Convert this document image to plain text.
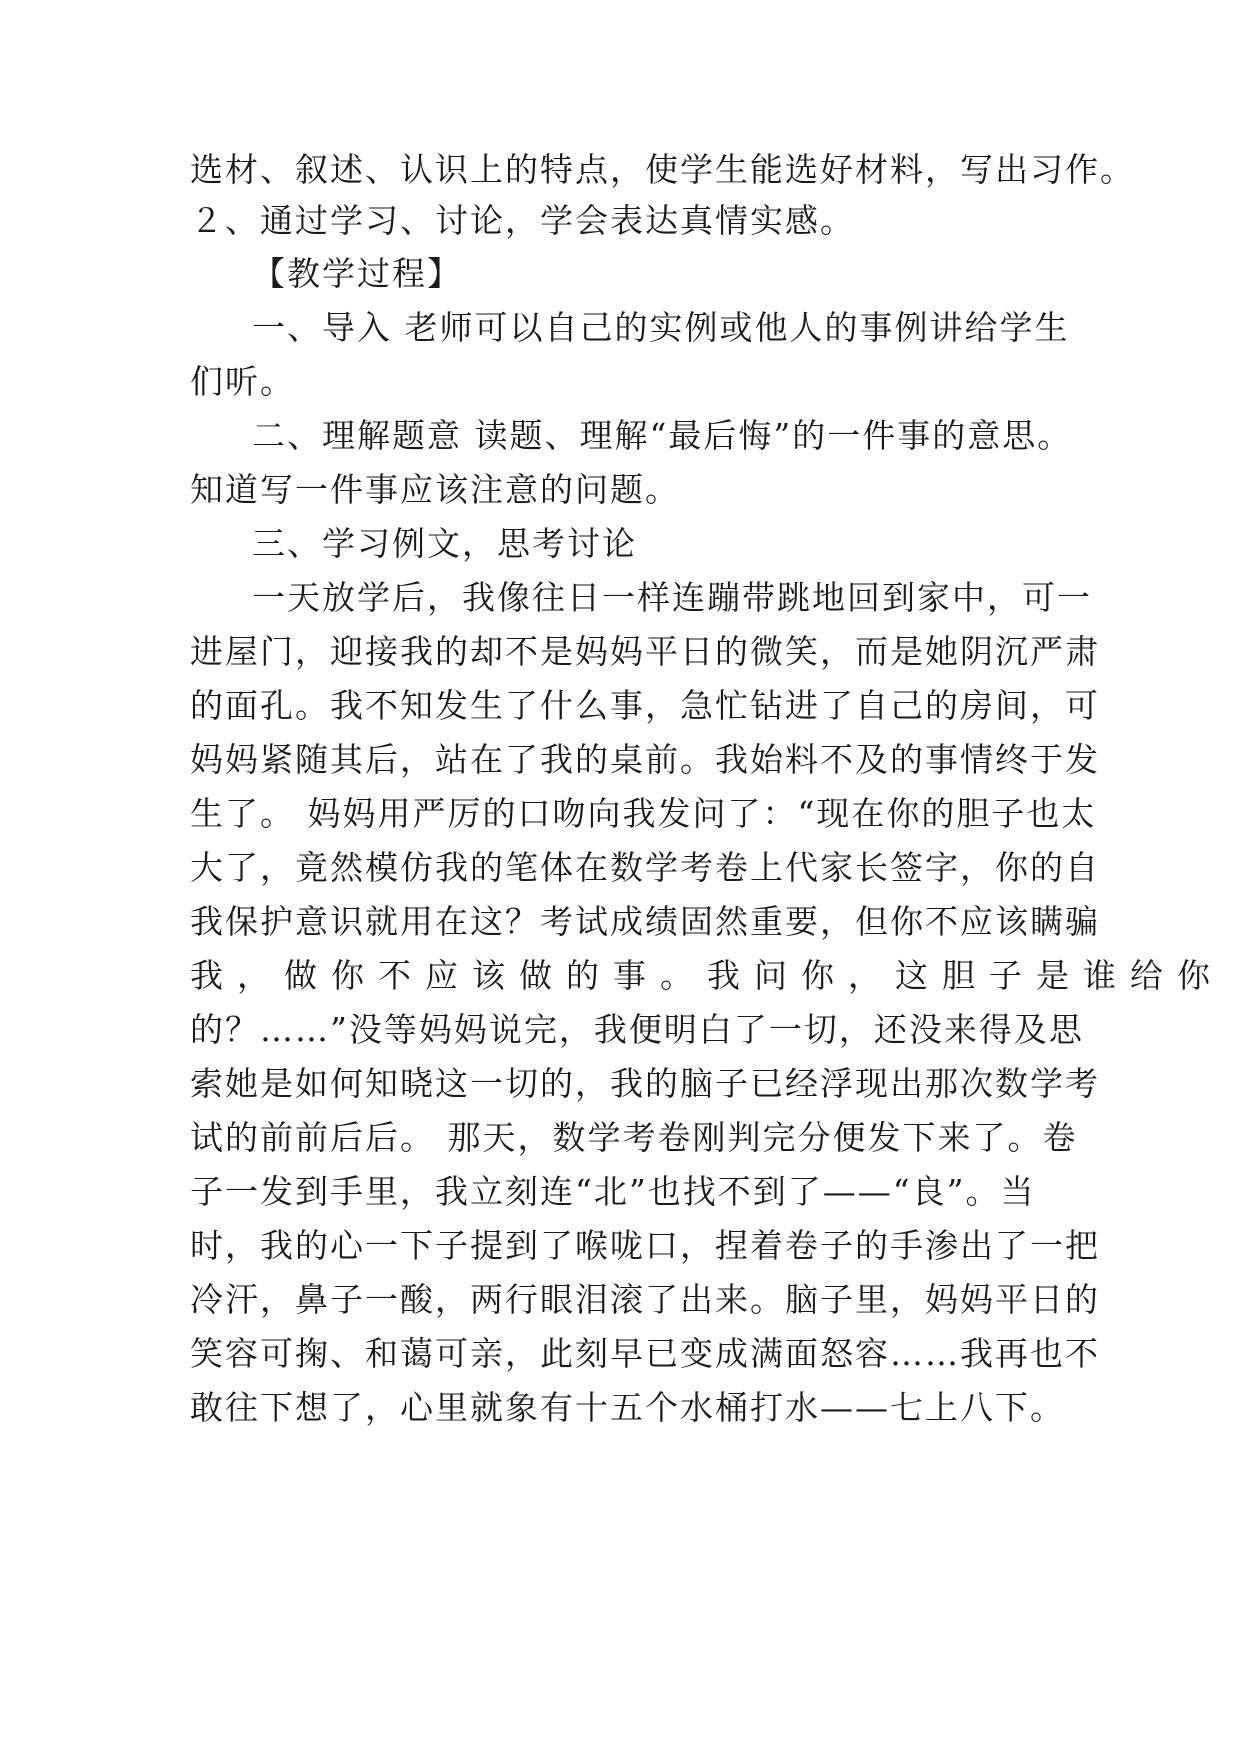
选材、叙述、认识上的特点，使学生能选好材料，写出习作。
２、通过学习、讨论，学会表达真情实感。
【教学过程】
一、导入 老师可以自己的实例或他人的事例讲给学生
们听。
二、理解题意 读题、理解“最后悔”的一件事的意思。
知道写一件事应该注意的问题。
三、学习例文，思考讨论
一天放学后，我像往日一样连蹦带跳地回到家中，可一
进屋门，迎接我的却不是妈妈平日的微笑，而是她阴沉严肃
的面孔。我不知发生了什么事，急忙钻进了自己的房间，可
妈妈紧随其后，站在了我的桌前。我始料不及的事情终于发
生了。 妈妈用严厉的口吻向我发问了：“现在你的胆子也太
大了，竟然模仿我的笔体在数学考卷上代家长签字，你的自
我保护意识就用在这？考试成绩固然重要，但你不应该瞒骗
我，做你不应该做的事。我问你，这胆子是谁给你
的？……”没等妈妈说完，我便明白了一切，还没来得及思
索她是如何知晓这一切的，我的脑子已经浮现出那次数学考
试的前前后后。 那天，数学考卷刚判完分便发下来了。卷
子一发到手里，我立刻连“北”也找不到了——“良”。当
时，我的心一下子提到了喉咙口，捏着卷子的手渗出了一把
冷汗，鼻子一酸，两行眼泪滚了出来。脑子里，妈妈平日的
笑容可掬、和蔼可亲，此刻早已变成满面怒容……我再也不
敢往下想了，心里就象有十五个水桶打水——七上八下。
